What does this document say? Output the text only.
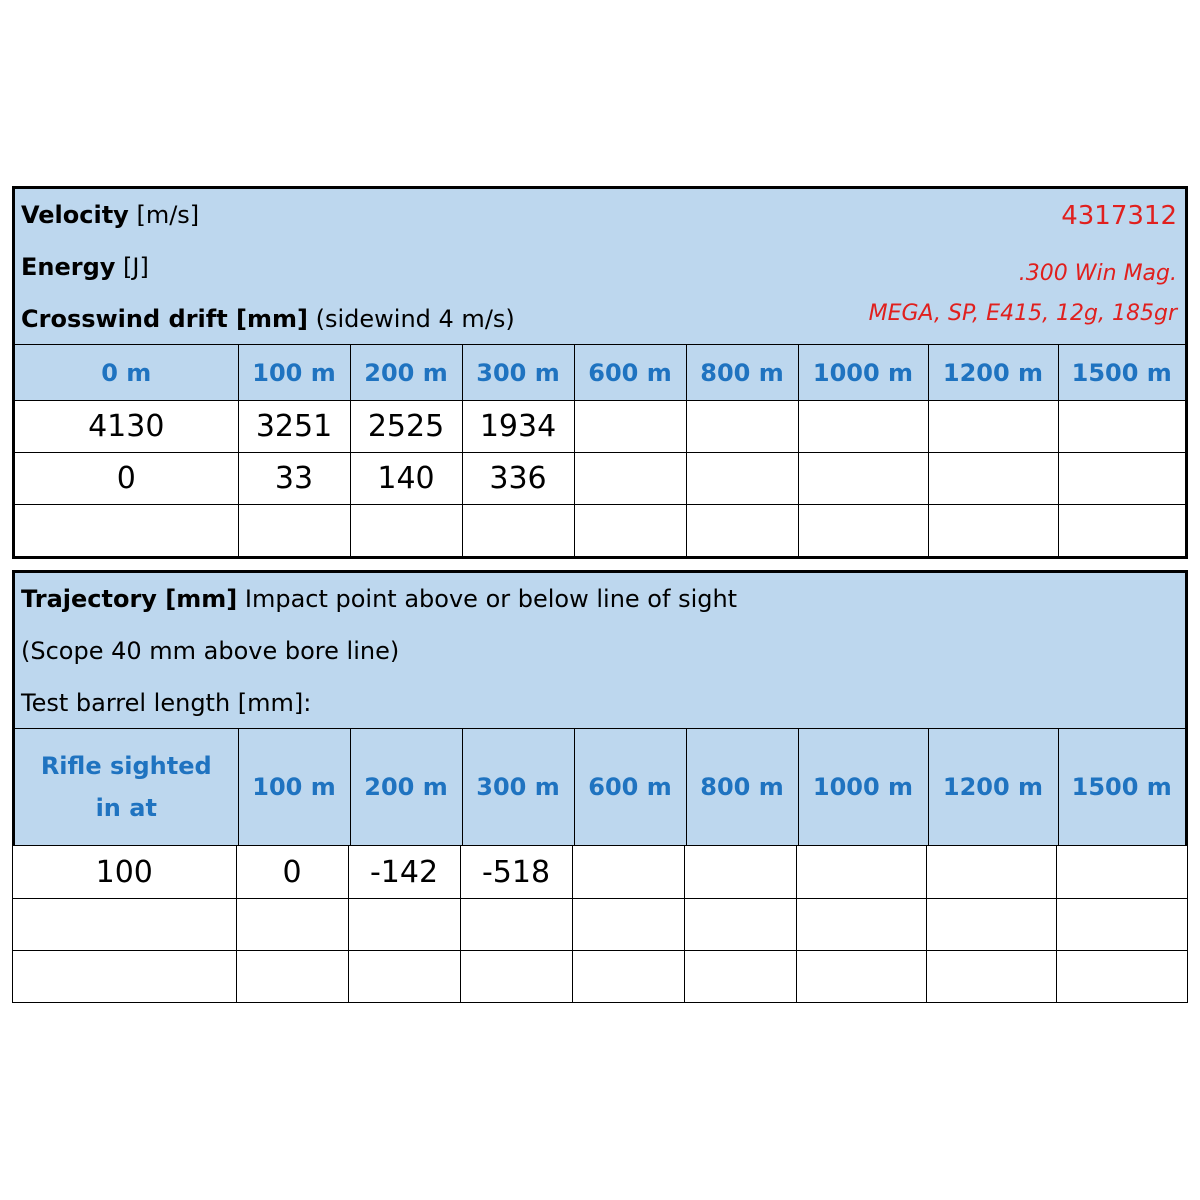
Velocity [m/s]
Energy [J]
Crosswind drift [mm] (sidewind 4 m/s)
4317312
.300 Win Mag.
MEGA, SP, E415, 12g, 185gr
0 m	100 m	200 m	300 m	600 m	800 m	1000 m	1200 m	1500 m
4130	3251	2525	1934					
0	33	140	336					

Trajectory [mm] Impact point above or below line of sight
(Scope 40 mm above bore line)
Test barrel length [mm]:
Rifle sighted in at	100 m	200 m	300 m	600 m	800 m	1000 m	1200 m	1500 m
100	0	-142	-518					
